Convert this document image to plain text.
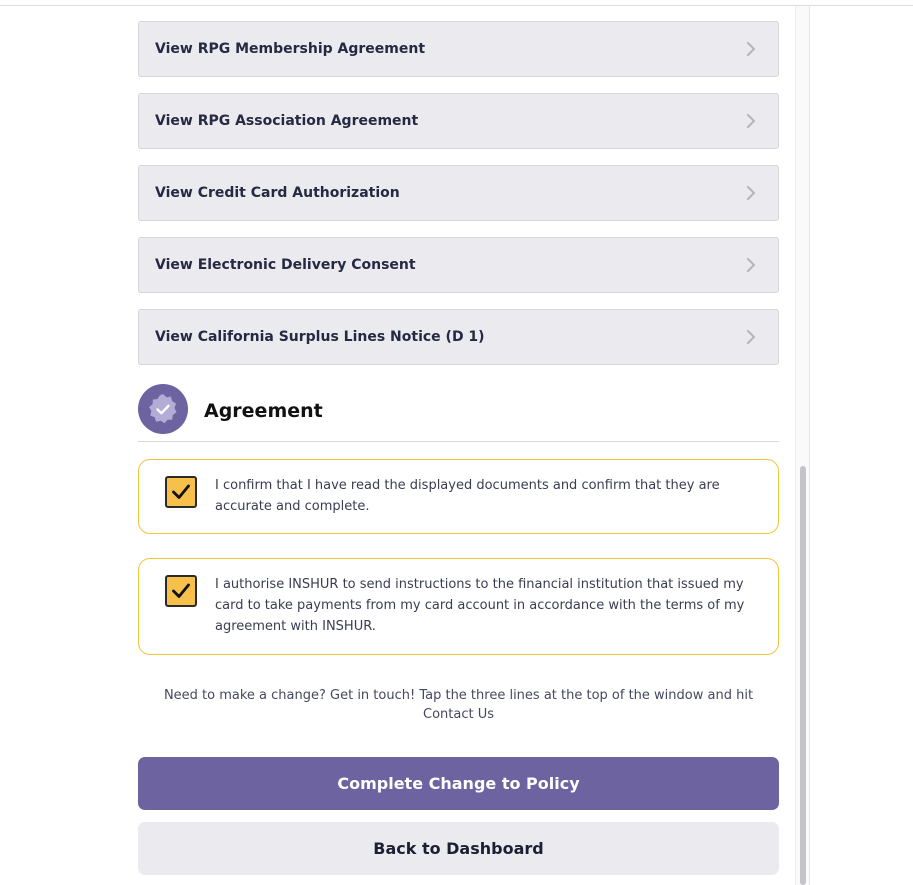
View RPG Membership Agreement
View RPG Association Agreement
View Credit Card Authorization
View Electronic Delivery Consent
View California Surplus Lines Notice (D 1)
Agreement
I confirm that I have read the displayed documents and confirm that they are accurate and complete.
I authorise INSHUR to send instructions to the financial institution that issued my card to take payments from my card account in accordance with the terms of my agreement with INSHUR.
Need to make a change? Get in touch! Tap the three lines at the top of the window and hit Contact Us
Complete Change to Policy
Back to Dashboard
